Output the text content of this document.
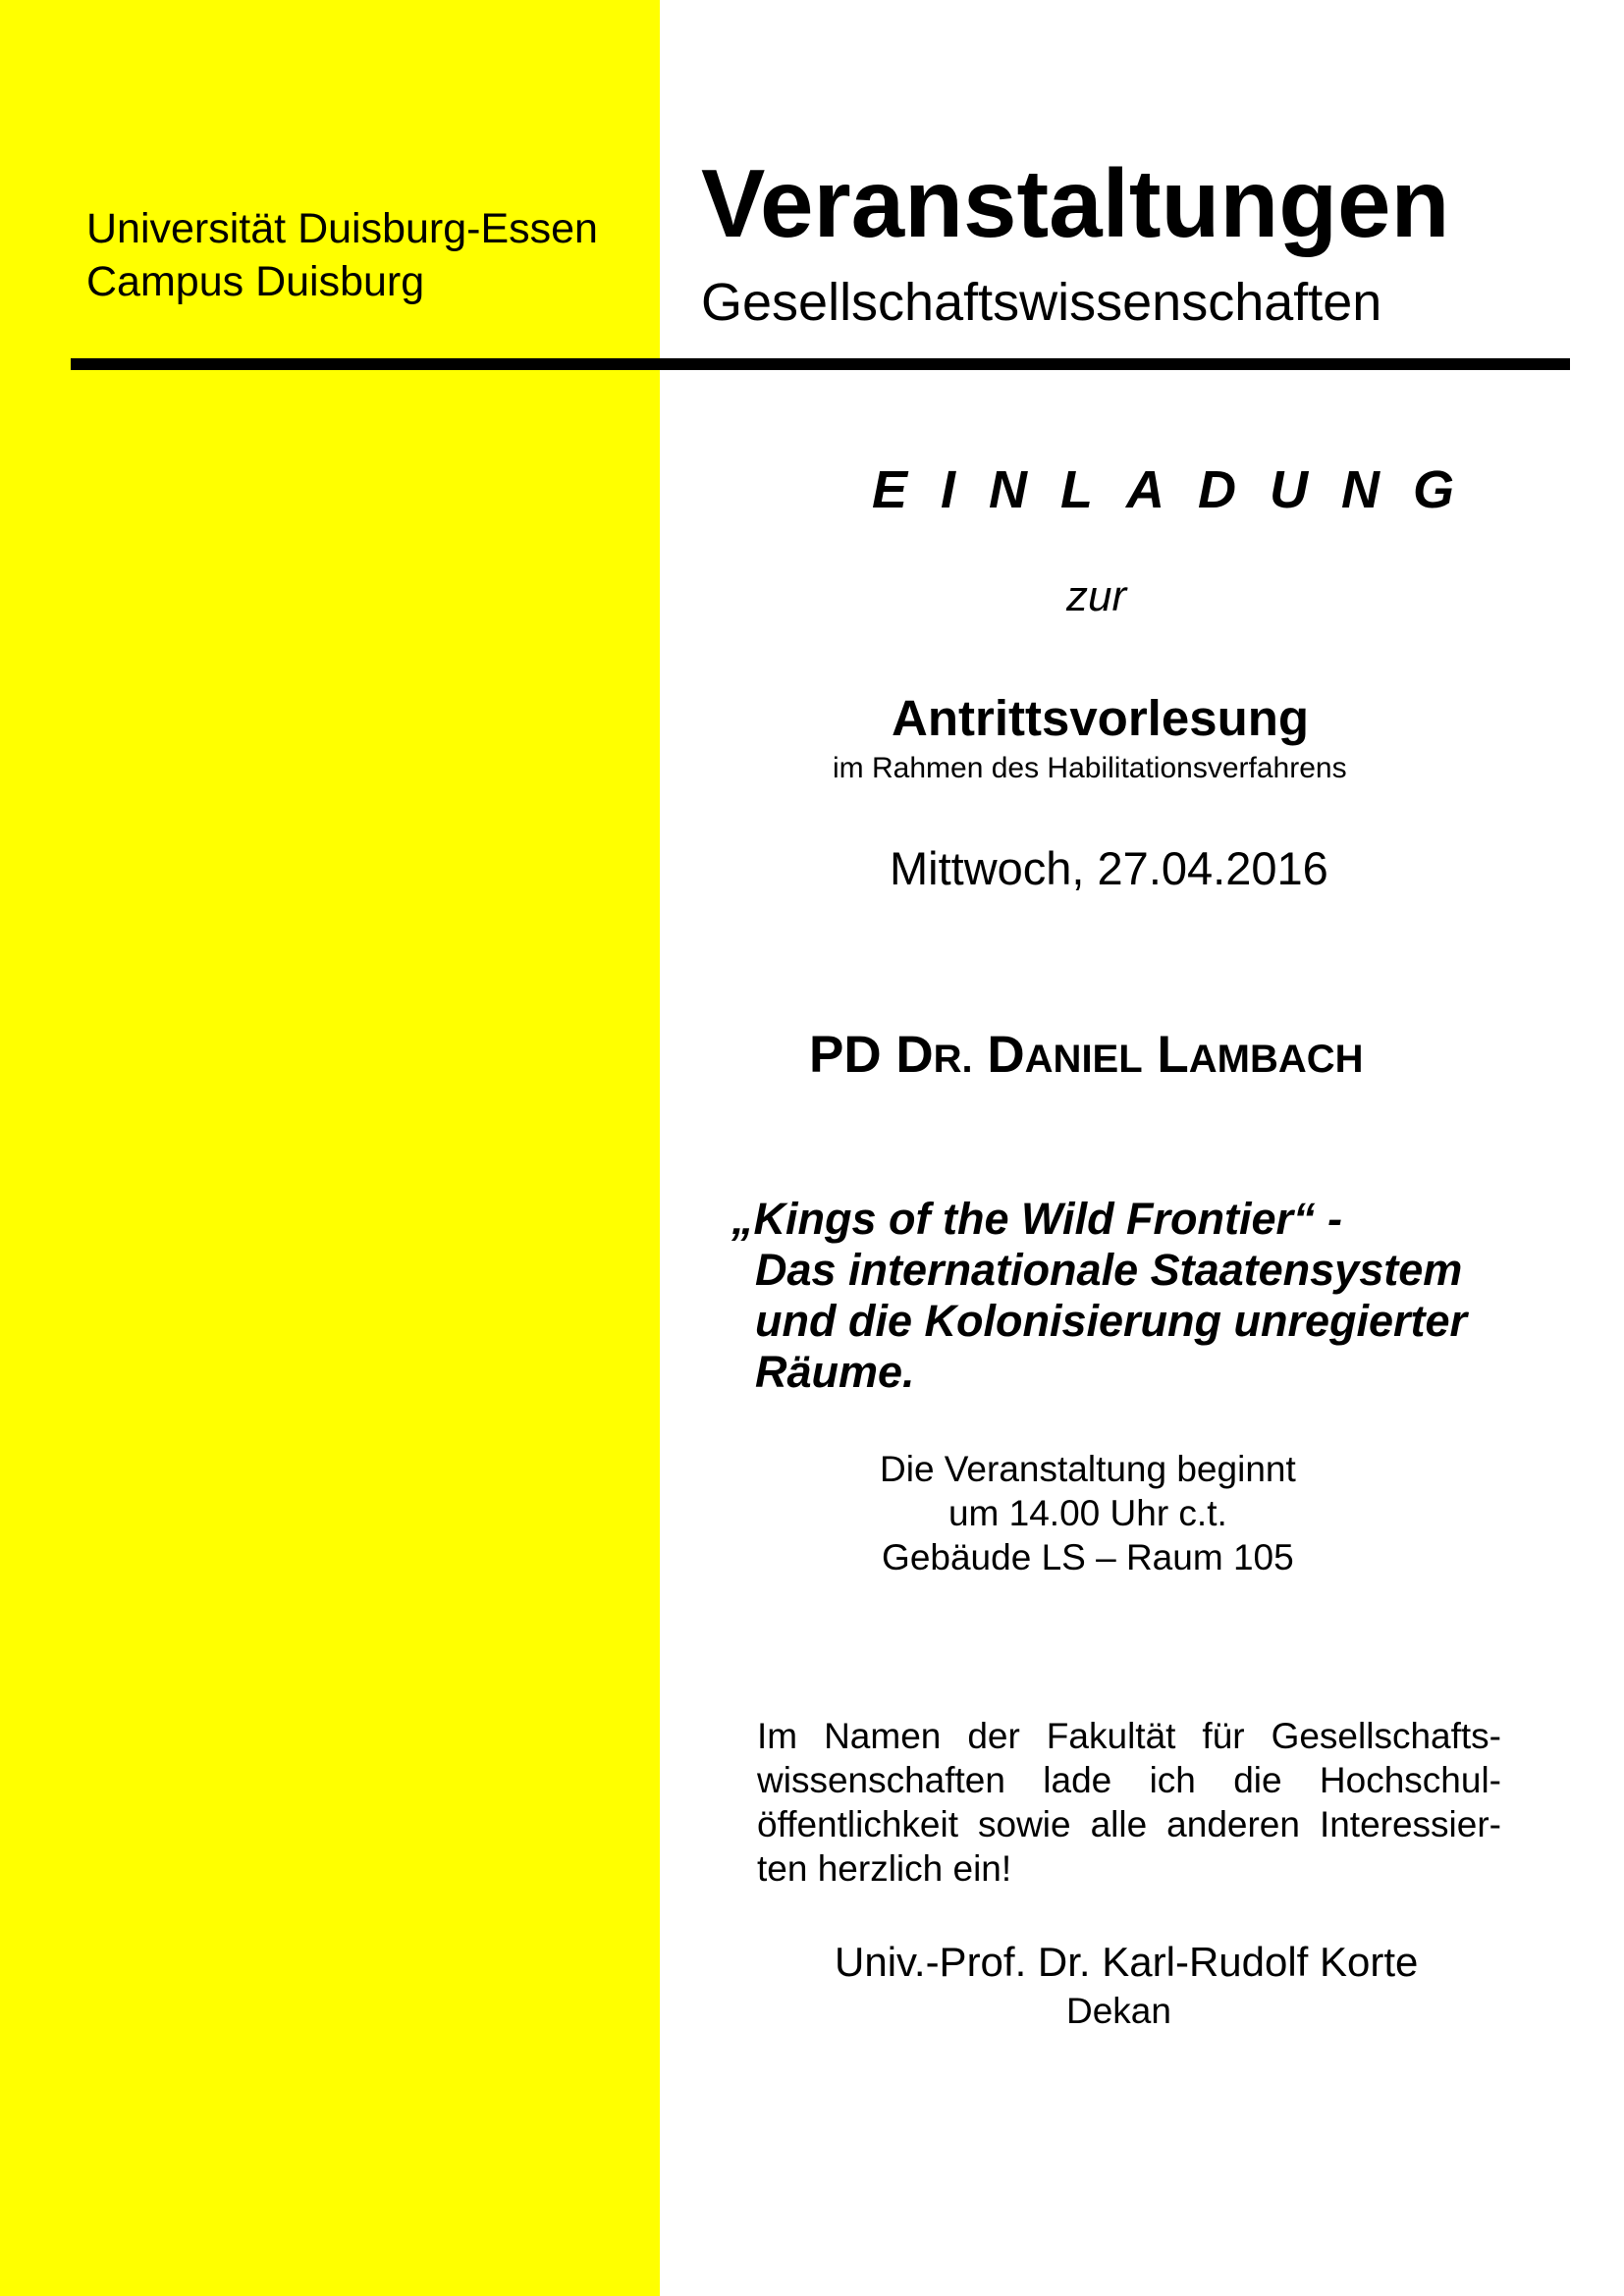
Universität Duisburg-Essen
Campus Duisburg
Veranstaltungen
Gesellschaftswissenschaften
EINLADUNG
zur
Antrittsvorlesung
im Rahmen des Habilitationsverfahrens
Mittwoch, 27.04.2016
PD DR. DANIEL LAMBACH
„Kings of the Wild Frontier“ -
Das internationale Staatensystem
und die Kolonisierung unregierter
Räume.
Die Veranstaltung beginnt
um 14.00 Uhr c.t.
Gebäude LS – Raum 105
Im Namen der Fakultät für Gesellschafts-wissenschaften lade ich die Hochschul-öffentlichkeit sowie alle anderen Interessier-ten herzlich ein!
Univ.-Prof. Dr. Karl-Rudolf Korte
Dekan
